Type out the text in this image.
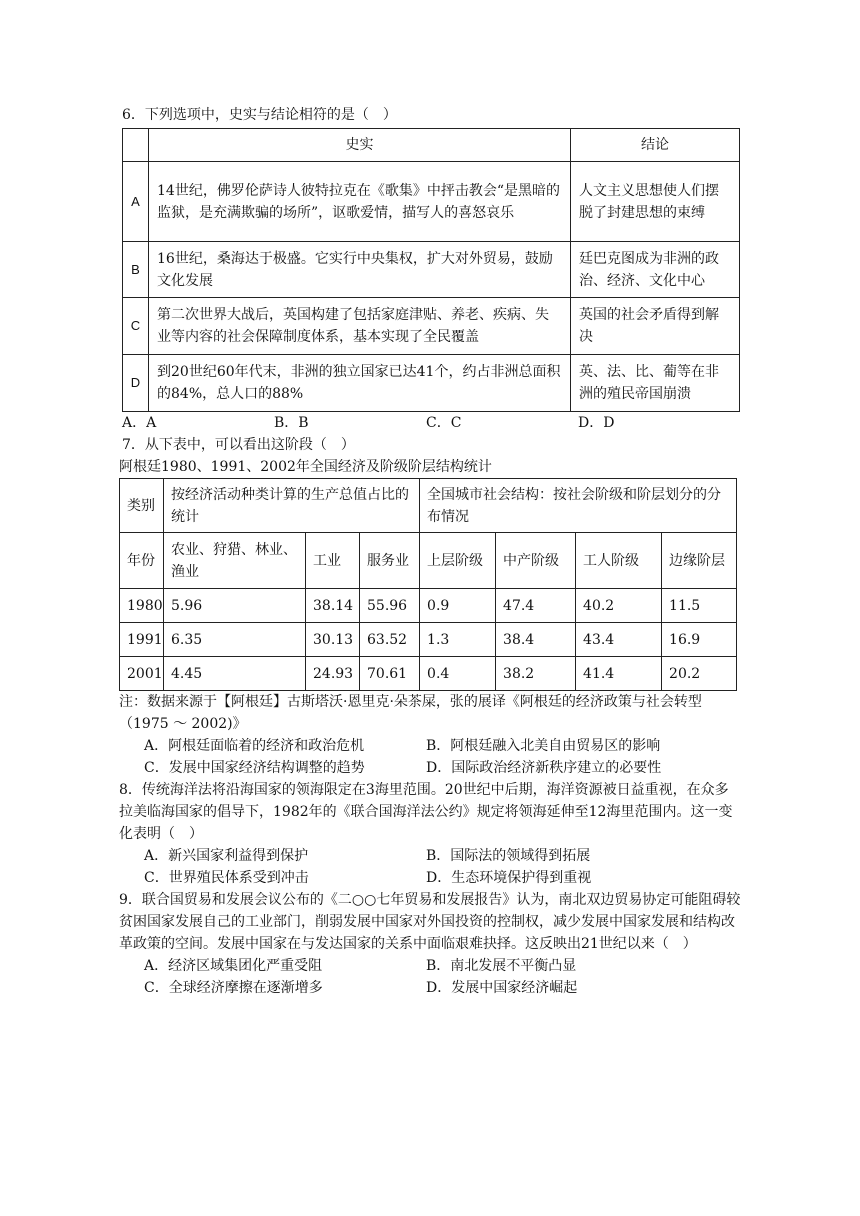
6．下列选项中，史实与结论相符的是（　）

	史实	结论
A	14世纪，佛罗伦萨诗人彼特拉克在《歌集》中抨击教会“是黑暗的监狱，是充满欺骗的场所”，讴歌爱情，描写人的喜怒哀乐	人文主义思想使人们摆脱了封建思想的束缚
B	16世纪，桑海达于极盛。它实行中央集权，扩大对外贸易，鼓励文化发展	廷巴克图成为非洲的政治、经济、文化中心
C	第二次世界大战后，英国构建了包括家庭津贴、养老、疾病、失业等内容的社会保障制度体系，基本实现了全民覆盖	英国的社会矛盾得到解决
D	到20世纪60年代末，非洲的独立国家已达41个，约占非洲总面积的84%，总人口的88%	英、法、比、葡等在非洲的殖民帝国崩溃
A．A	B．B	C．C	D．D

7．从下表中，可以看出这阶段（　）

阿根廷1980、1991、2002年全国经济及阶级阶层结构统计

类别	按经济活动种类计算的生产总值占比的统计			全国城市社会结构：按社会阶级和阶层划分的分布情况			
年份	农业、狩猎、林业、渔业	工业	服务业	上层阶级	中产阶级	工人阶级	边缘阶层
1980	5.96	38.14	55.96	0.9	47.4	40.2	11.5
1991	6.35	30.13	63.52	1.3	38.4	43.4	16.9
2001	4.45	24.93	70.61	0.4	38.2	41.4	20.2

注：数据来源于【阿根廷】古斯塔沃·恩里克·朵茶屎，张的展译《阿根廷的经济政策与社会转型（1975 ～ 2002)》

A．阿根廷面临着的经济和政治危机	B．阿根廷融入北美自由贸易区的影响
C．发展中国家经济结构调整的趋势	D．国际政治经济新秩序建立的必要性

8．传统海洋法将沿海国家的领海限定在3海里范围。20世纪中后期，海洋资源被日益重视，在众多拉美临海国家的倡导下，1982年的《联合国海洋法公约》规定将领海延伸至12海里范围内。这一变化表明（　）

A．新兴国家利益得到保护	B．国际法的领域得到拓展
C．世界殖民体系受到冲击	D．生态环境保护得到重视

9．联合国贸易和发展会议公布的《二○○七年贸易和发展报告》认为，南北双边贸易协定可能阻碍较贫困国家发展自己的工业部门，削弱发展中国家对外国投资的控制权，减少发展中国家发展和结构改革政策的空间。发展中国家在与发达国家的关系中面临艰难抉择。这反映出21世纪以来（　）

A．经济区域集团化严重受阻	B．南北发展不平衡凸显
C．全球经济摩擦在逐渐增多	D．发展中国家经济崛起
